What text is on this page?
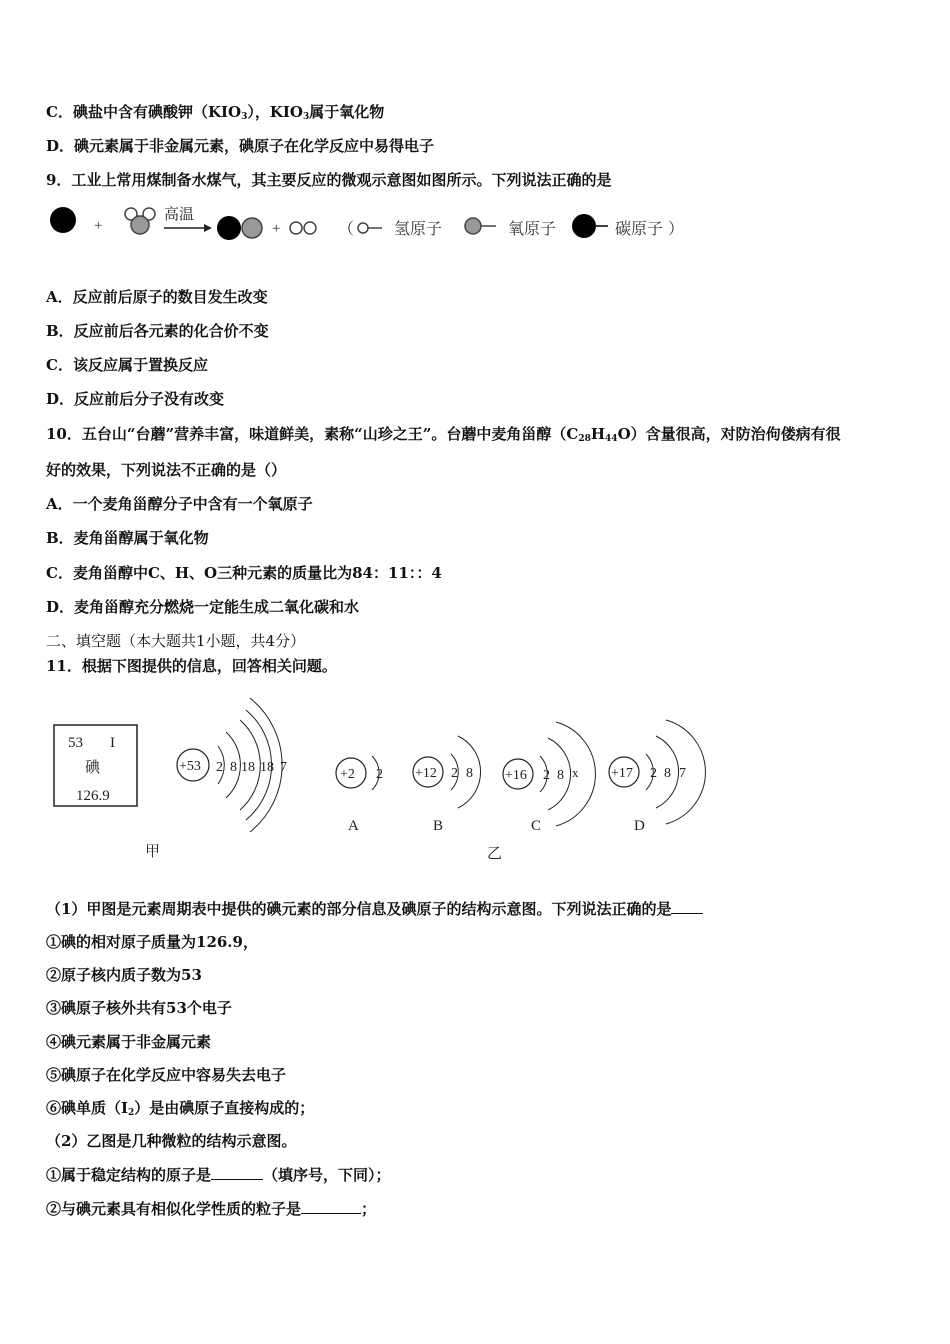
C．碘盐中含有碘酸钾$(KIO_3)$，$KIO_3$属于氧化物
D．碘元素属于非金属元素，碘原子在化学反应中易得电子
9．工业上常用煤制备水煤气，其主要反应的微观示意图如图所示。下列说法正确的是
+
高温
+	（ 氢原子	氧原子	碳原子 ）
A．反应前后原子的数目发生改变
B．反应前后各元素的化合价不变
C．该反应属于置换反应
D．反应前后分子没有改变
10．五台山“台蘑”营养丰富，味道鲜美，素称“山珍之王”。台蘑中麦角甾醇$(C_{28}H_{44}O)$含量很高，对防治佝偻病有很
好的效果，下列说法不正确的是（）
A．一个麦角甾醇分子中含有一个氧原子
B．麦角甾醇属于氧化物
C．麦角甾醇中C、H、O三种元素的质量比为84：11：：4
D．麦角甾醇充分燃烧一定能生成二氧化碳和水
二、填空题（本大题共1小题，共4分）
11．根据下图提供的信息，回答相关问题。
53 I
碘
126.9
+53 2 8 18 18 7	+2 2
A
+12 2 8
B
+16 2 8 x
C
+17 2 8 7
D
甲	乙
（1）甲图是元素周期表中提供的碘元素的部分信息及碘原子的结构示意图。下列说法正确的是
①碘的相对原子质量为126.9，
②原子核内质子数为53
③碘原子核外共有53个电子
④碘元素属于非金属元素
⑤碘原子在化学反应中容易失去电子
⑥碘单质$(I_2)$是由碘原子直接构成的；
（2）乙图是几种微粒的结构示意图。
①属于稳定结构的原子是	（填序号，下同）；
②与碘元素具有相似化学性质的粒子是	；
